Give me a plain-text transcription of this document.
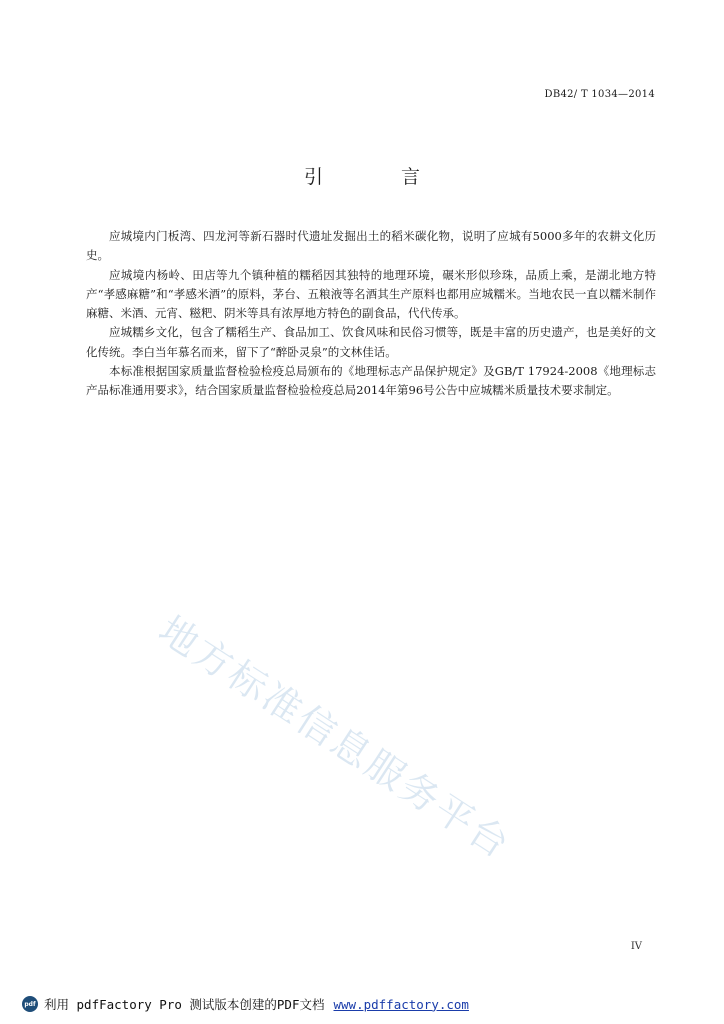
DB42/ T 1034—2014
引 言

应城境内门板湾、四龙河等新石器时代遗址发掘出土的稻米碳化物，说明了应城有5000多年的农耕文化历史。

应城境内杨岭、田店等九个镇种植的糯稻因其独特的地理环境，碾米形似珍珠，品质上乘，是湖北地方特产“孝感麻糖”和“孝感米酒”的原料，茅台、五粮液等名酒其生产原料也都用应城糯米。当地农民一直以糯米制作麻糖、米酒、元宵、糍粑、阴米等具有浓厚地方特色的副食品，代代传承。

应城糯乡文化，包含了糯稻生产、食品加工、饮食风味和民俗习惯等，既是丰富的历史遗产，也是美好的文化传统。李白当年慕名而来，留下了“醉卧灵泉”的文林佳话。

本标准根据国家质量监督检验检疫总局颁布的《地理标志产品保护规定》及GB/T 17924-2008《地理标志产品标准通用要求》，结合国家质量监督检验检疫总局2014年第96号公告中应城糯米质量技术要求制定。

地方标准信息服务平台
IV
pdf 利用 pdfFactory Pro 测试版本创建的PDF文档 www.pdffactory.com
